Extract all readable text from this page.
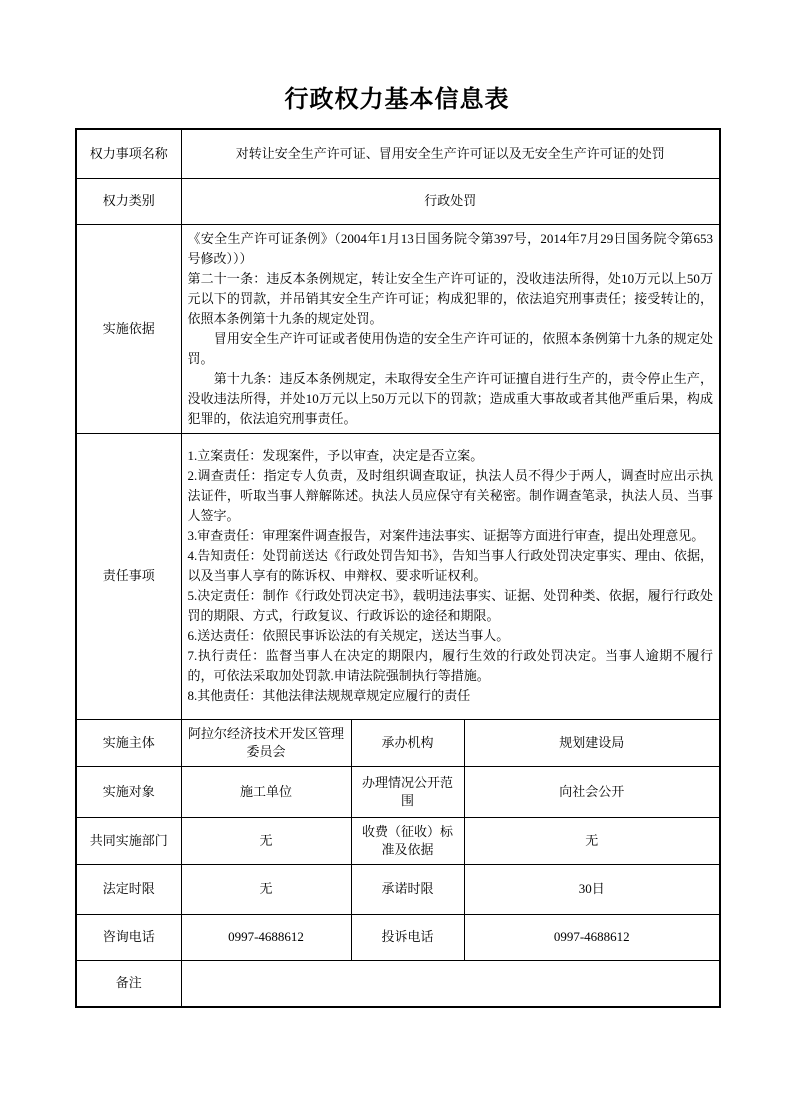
行政权力基本信息表
权力事项名称	对转让安全生产许可证、冒用安全生产许可证以及无安全生产许可证的处罚		
权力类别	行政处罚		
实施依据	《安全生产许可证条例》（2004年1月13日国务院令第397号，2014年7月29日国务院令第653号修改）））
第二十一条：违反本条例规定，转让安全生产许可证的，没收违法所得，处10万元以上50万元以下的罚款，并吊销其安全生产许可证；构成犯罪的，依法追究刑事责任；接受转让的，依照本条例第十九条的规定处罚。
　　冒用安全生产许可证或者使用伪造的安全生产许可证的，依照本条例第十九条的规定处罚。
　　第十九条：违反本条例规定，未取得安全生产许可证擅自进行生产的，责令停止生产，没收违法所得，并处10万元以上50万元以下的罚款；造成重大事故或者其他严重后果，构成犯罪的，依法追究刑事责任。		

责任事项	
1.立案责任：发现案件，予以审查，决定是否立案。
2.调查责任：指定专人负责，及时组织调查取证，执法人员不得少于两人，调查时应出示执法证件，听取当事人辩解陈述。执法人员应保守有关秘密。制作调查笔录，执法人员、当事人签字。
3.审查责任：审理案件调查报告，对案件违法事实、证据等方面进行审查，提出处理意见。
4.告知责任：处罚前送达《行政处罚告知书》，告知当事人行政处罚决定事实、理由、依据，以及当事人享有的陈诉权、申辩权、要求听证权利。
5.决定责任：制作《行政处罚决定书》，载明违法事实、证据、处罚种类、依据，履行行政处罚的期限、方式，行政复议、行政诉讼的途径和期限。
6.送达责任：依照民事诉讼法的有关规定，送达当事人。
7.执行责任：监督当事人在决定的期限内，履行生效的行政处罚决定。当事人逾期不履行的，可依法采取加处罚款.申请法院强制执行等措施。
8.其他责任：其他法律法规规章规定应履行的责任

实施主体	阿拉尔经济技术开发区管理委员会	承办机构	规划建设局
实施对象	施工单位	办理情况公开范围	向社会公开
共同实施部门	无	收费（征收）标准及依据	无
法定时限	无	承诺时限	30日
咨询电话	0997-4688612	投诉电话	0997-4688612
备注			
